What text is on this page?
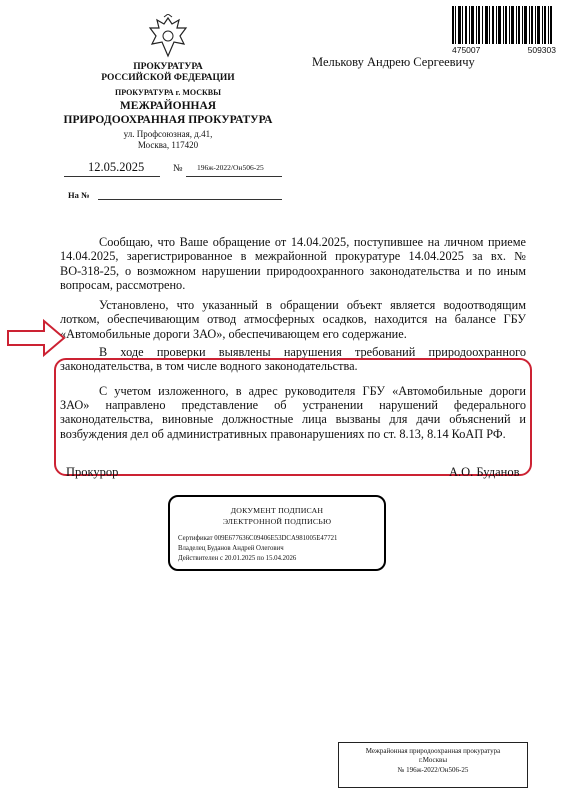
ПРОКУРАТУРА
РОССИЙСКОЙ ФЕДЕРАЦИИ
ПРОКУРАТУРА г. МОСКВЫ
МЕЖРАЙОННАЯ
ПРИРОДООХРАННАЯ ПРОКУРАТУРА
ул. Профсоюзная, д.41,
Москва, 117420
Мелькову Андрею Сергеевичу
475007	509303
12.05.2025	№ 196ж-2022/Он506-25
На №

Сообщаю, что Ваше обращение от 14.04.2025, поступившее на личном приеме 14.04.2025, зарегистрированное в межрайонной прокуратуре 14.04.2025 за вх. № ВО-318-25, о возможном нарушении природоохранного законодательства и по иным вопросам, рассмотрено.

Установлено, что указанный в обращении объект является водоотводящим лотком, обеспечивающим отвод атмосферных осадков, находится на балансе ГБУ «Автомобильные дороги ЗАО», обеспечивающем его содержание.

В ходе проверки выявлены нарушения требований природоохранного законодательства, в том числе водного законодательства.

С учетом изложенного, в адрес руководителя ГБУ «Автомобильные дороги ЗАО» направлено представление об устранении нарушений федерального законодательства, виновные должностные лица вызваны для дачи объяснений и возбуждения дел об административных правонарушениях по ст. 8.13, 8.14 КоАП РФ.

Прокурор	А.О. Буданов
ДОКУМЕНТ ПОДПИСАН
ЭЛЕКТРОННОЙ ПОДПИСЬЮ
Сертификат 009E677636C09406E53DCA981005E47721
Владелец Буданов Андрей Олегович
Действителен с 20.01.2025 по 15.04.2026
Межрайонная природоохранная прокуратура
г.Москвы
№ 196ж-2022/Он506-25
